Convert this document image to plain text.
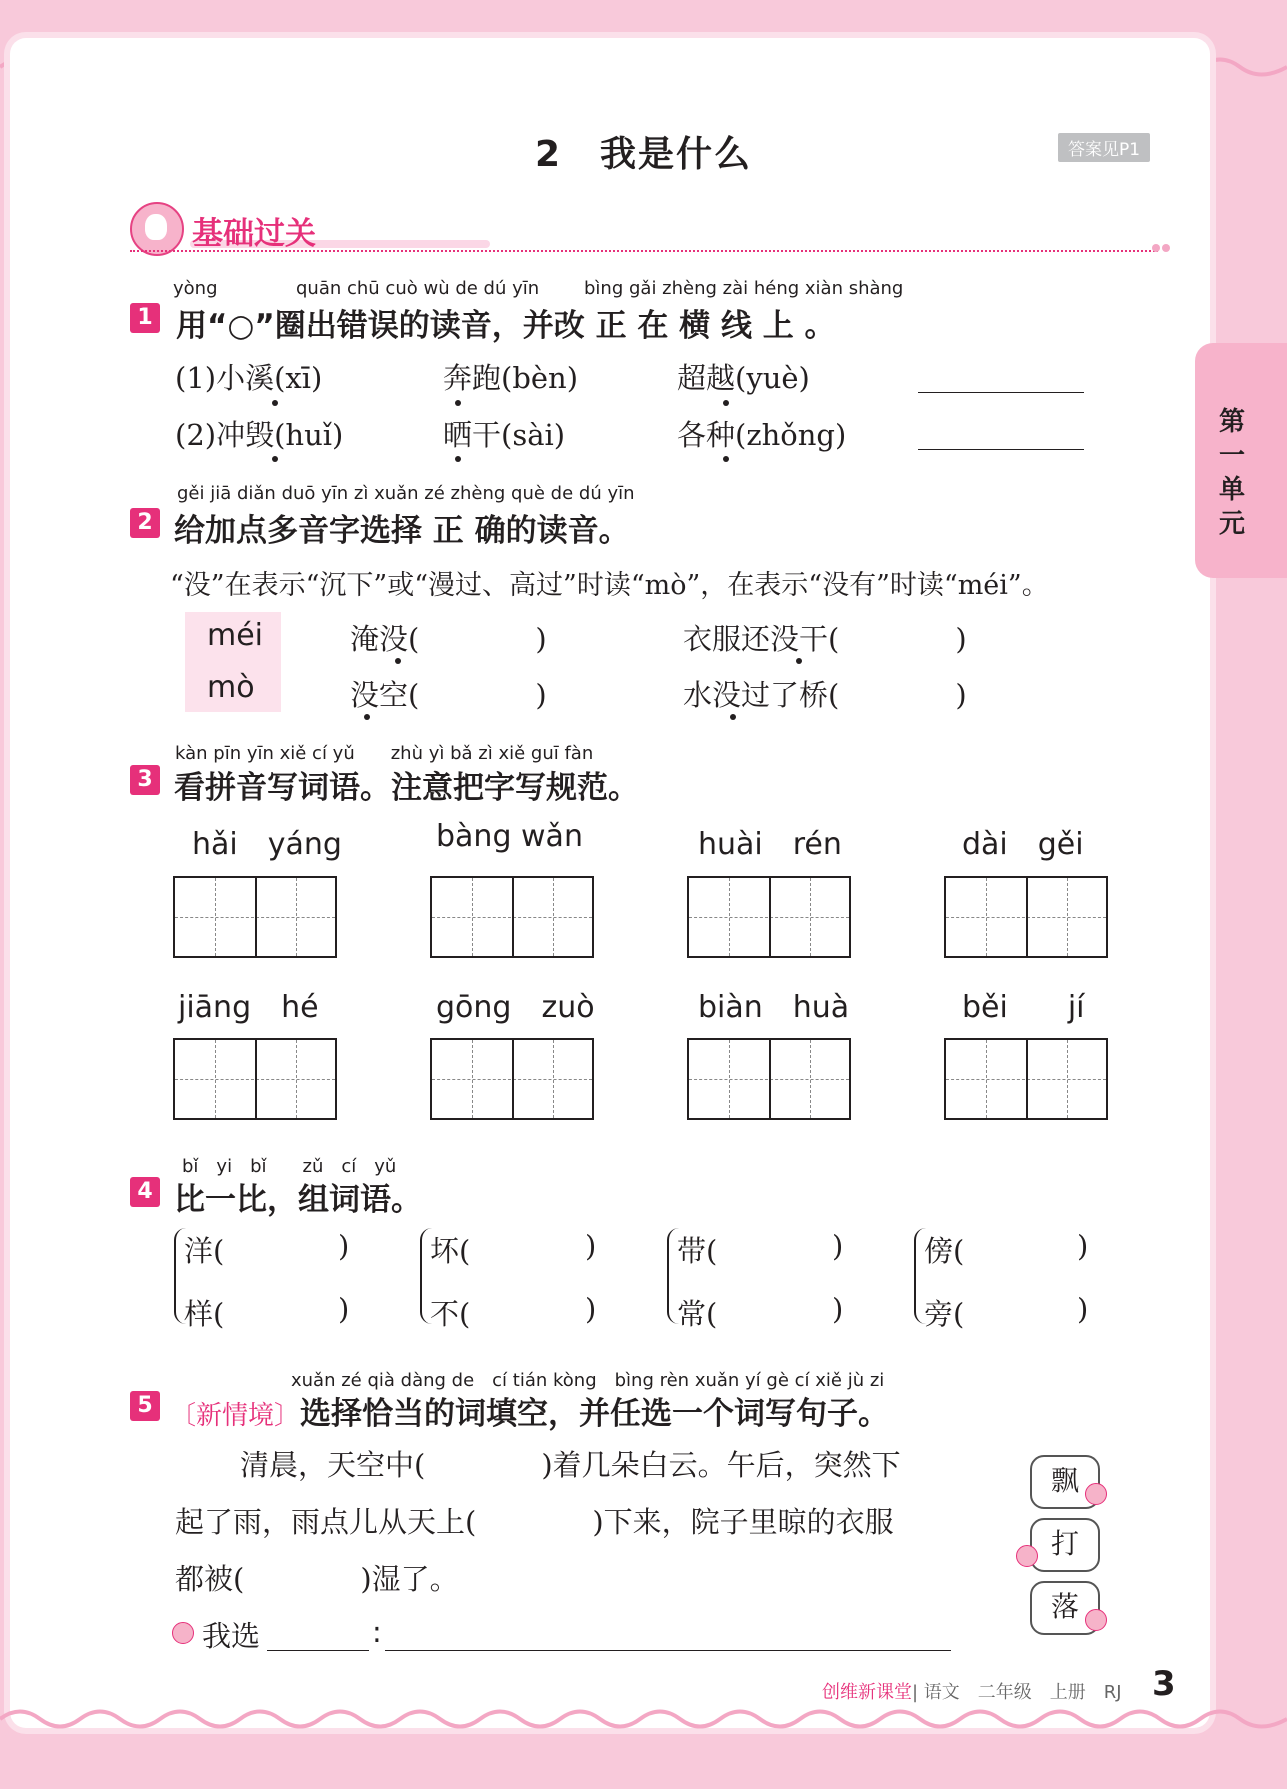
2　我是什么	答案见P1
基础过关
第一单元
yòng	quān chū cuò wù de dú yīn bìng gǎi zhèng zài héng xiàn shàng
1 用“○”圈出错误的读音，并改 正 在 横 线 上 。
(1)小溪(xī)	奔跑(bèn)	超越(yuè)
(2)冲毁(huǐ)	晒干(sài)	各种(zhǒng)
gěi jiā diǎn duō yīn zì xuǎn zé zhèng què de dú yīn
2 给加点多音字选择 正 确的读音。
“没”在表示“沉下”或“漫过、高过”时读“mò”，在表示“没有”时读“méi”。
méi
mò
淹没(　　　　)	衣服还没干(　　　　)
没空(　　　　)	水没过了桥(　　　　)
kàn pīn yīn xiě cí yǔ　　zhù yì bǎ zì xiě guī fàn
3 看拼音写词语。注意把字写规范。
hǎi　yáng	bàng wǎn	huài　rén	dài　gěi
jiāng　hé	gōng　zuò	biàn　huà	běi　　jí
bǐ　yi　bǐ　　zǔ　cí　yǔ
4 比一比，组词语。
洋(	)
样(	)
坏(	)
不(	)
带(	)
常(	)
傍(	)
旁(	)
xuǎn zé qià dàng de　cí tián kòng　bìng rèn xuǎn yí gè cí xiě jù zi
5 〔新情境〕选择恰当的词填空，并任选一个词写句子。
清晨，天空中(　　　　)着几朵白云。午后，突然下
起了雨，雨点儿从天上(　　　　)下来，院子里晾的衣服
都被(　　　　)湿了。
我选	:
飘
打
落
创维新课堂| 语文　二年级　上册　RJ 3
